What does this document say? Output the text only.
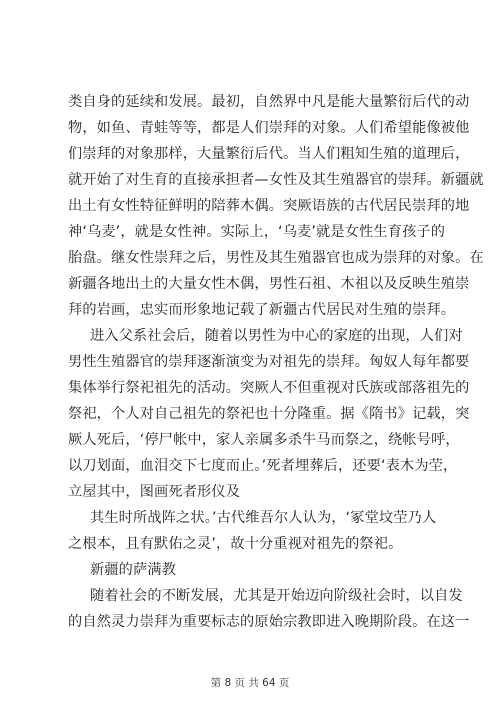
类自身的延续和发展。最初，自然界中凡是能大量繁衍后代的动
物，如鱼、青蛙等等，都是人们崇拜的对象。人们希望能像被他
们崇拜的对象那样，大量繁衍后代。当人们粗知生殖的道理后，
就开始了对生育的直接承担者—女性及其生殖器官的崇拜。新疆就
出土有女性特征鲜明的陪葬木偶。突厥语族的古代居民崇拜的地
神‘乌麦’，就是女性神。实际上，‘乌麦’就是女性生育孩子的
胎盘。继女性崇拜之后，男性及其生殖器官也成为崇拜的对象。在
新疆各地出土的大量女性木偶，男性石祖、木祖以及反映生殖崇
拜的岩画，忠实而形象地记载了新疆古代居民对生殖的崇拜。
进入父系社会后，随着以男性为中心的家庭的出现，人们对
男性生殖器官的崇拜逐渐演变为对祖先的崇拜。匈奴人每年都要
集体举行祭祀祖先的活动。突厥人不但重视对氏族或部落祖先的
祭祀，个人对自己祖先的祭祀也十分隆重。据《隋书》记载，突
厥人死后，‘停尸帐中，家人亲属多杀牛马而祭之，绕帐号呼，
以刀划面，血泪交下七度而止。’死者埋葬后，还要‘表木为茔，
立屋其中，图画死者形仪及
其生时所战阵之状。’古代维吾尔人认为，‘冢堂坟茔乃人
之根本，且有默佑之灵’，故十分重视对祖先的祭祀。
新疆的萨满教
随着社会的不断发展，尤其是开始迈向阶级社会时，以自发
的自然灵力崇拜为重要标志的原始宗教即进入晚期阶段。在这一
第 8 页 共 64 页
